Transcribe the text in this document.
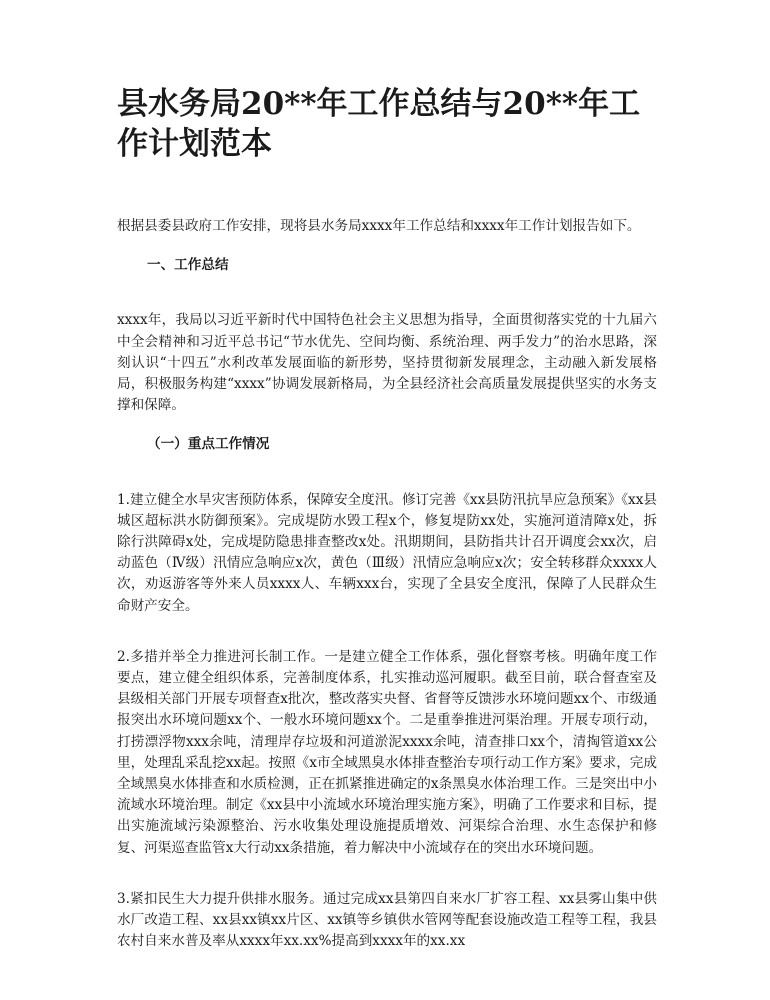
县水务局20**年工作总结与20**年工作计划范本

根据县委县政府工作安排，现将县水务局xxxx年工作总结和xxxx年工作计划报告如下。

一、工作总结

xxxx年，我局以习近平新时代中国特色社会主义思想为指导，全面贯彻落实党的十九届六中全会精神和习近平总书记“节水优先、空间均衡、系统治理、两手发力”的治水思路，深刻认识“十四五”水利改革发展面临的新形势，坚持贯彻新发展理念，主动融入新发展格局，积极服务构建“xxxx”协调发展新格局，为全县经济社会高质量发展提供坚实的水务支撑和保障。

（一）重点工作情况

1.建立健全水旱灾害预防体系，保障安全度汛。修订完善《xx县防汛抗旱应急预案》《xx县城区超标洪水防御预案》。完成堤防水毁工程x个，修复堤防xx处，实施河道清障x处，拆除行洪障碍x处，完成堤防隐患排查整改x处。汛期期间，县防指共计召开调度会xx次，启动蓝色（Ⅳ级）汛情应急响应x次，黄色（Ⅲ级）汛情应急响应x次；安全转移群众xxxx人次，劝返游客等外来人员xxxx人、车辆xxx台，实现了全县安全度汛，保障了人民群众生命财产安全。

2.多措并举全力推进河长制工作。一是建立健全工作体系，强化督察考核。明确年度工作要点，建立健全组织体系，完善制度体系，扎实推动巡河履职。截至目前，联合督查室及县级相关部门开展专项督查x批次，整改落实央督、省督等反馈涉水环境问题xx个、市级通报突出水环境问题xx个、一般水环境问题xx个。二是重拳推进河渠治理。开展专项行动，打捞漂浮物xxx余吨，清理岸存垃圾和河道淤泥xxxx余吨，清查排口xx个，清掏管道xx公里，处理乱采乱挖xx起。按照《x市全域黑臭水体排查整治专项行动工作方案》要求，完成全域黑臭水体排查和水质检测，正在抓紧推进确定的x条黑臭水体治理工作。三是突出中小流域水环境治理。制定《xx县中小流域水环境治理实施方案》，明确了工作要求和目标，提出实施流域污染源整治、污水收集处理设施提质增效、河渠综合治理、水生态保护和修复、河渠巡查监管x大行动xx条措施，着力解决中小流域存在的突出水环境问题。

3.紧扣民生大力提升供排水服务。通过完成xx县第四自来水厂扩容工程、xx县雾山集中供水厂改造工程、xx县xx镇xx片区、xx镇等乡镇供水管网等配套设施改造工程等工程，我县农村自来水普及率从xxxx年xx.xx%提高到xxxx年的xx.xx
